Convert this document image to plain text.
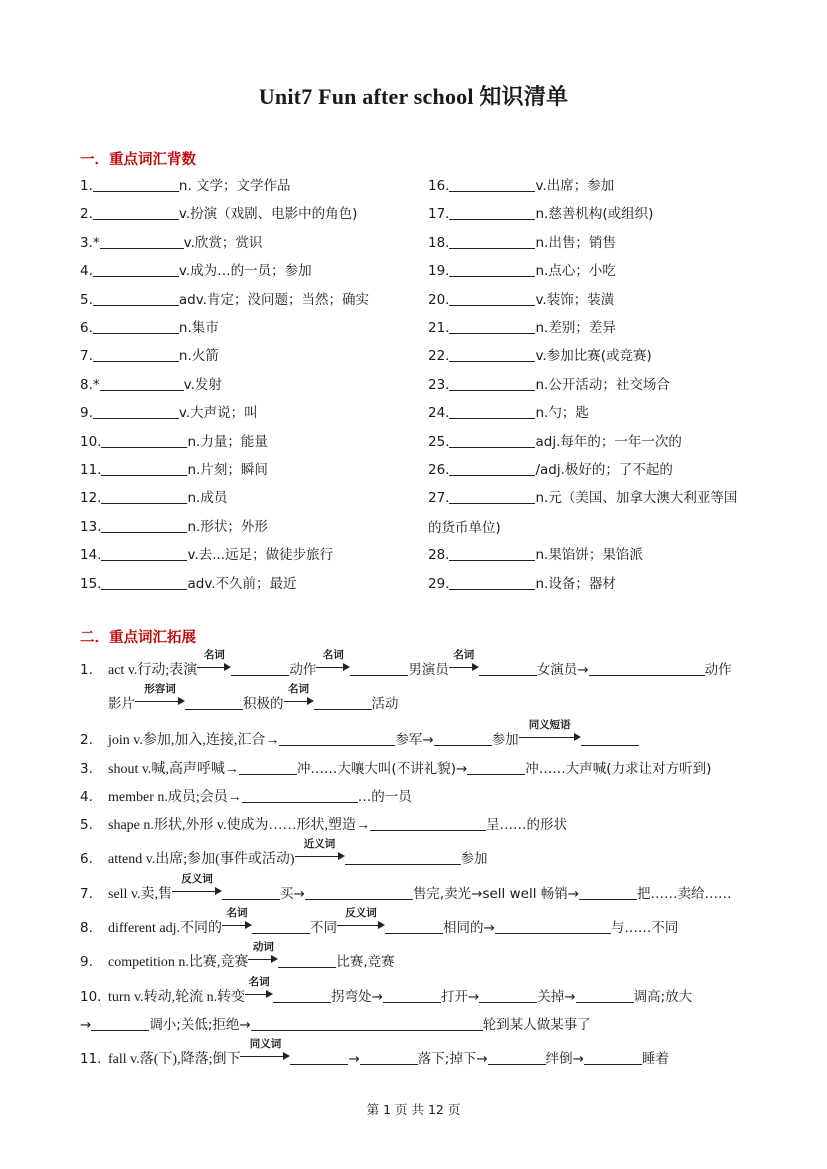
Unit7 Fun after school 知识清单
一．重点词汇背数
1.	n. 文学；文学作品
2.	v.扮演（戏剧、电影中的角色)
3.*	v.欣赏；赏识
4.	v.成为…的一员；参加
5.	adv.肯定；没问题；当然；确实
6.	n.集市
7.	n.火箭
8.*	v.发射
9.	v.大声说；叫
10.	n.力量；能量
11.	n.片刻；瞬间
12.	n.成员
13.	n.形状；外形
14.	v.去...远足；做徒步旅行
15.	adv.不久前；最近
16.	v.出席；参加
17.	n.慈善机构(或组织)
18.	n.出售；销售
19.	n.点心；小吃
20.	v.装饰；装潢
21.	n.差别；差异
22.	v.参加比赛(或竞赛)
23.	n.公开活动；社交场合
24.	n.勺；匙
25.	adj.每年的；一年一次的
26.	/adj.极好的；了不起的
27.	n.元（美国、加拿大澳大利亚等国
28.	n.果馅饼；果馅派
29.	n.设备；器材
的货币单位)
二．重点词汇拓展
1. act v.行动;表演
名词
动作
名词
男演员
名词
女演员→	动作
影片
形容词
积极的
名词
活动
2. join v.参加,加入,连接,汇合→	参军→	参加
同义短语
3. shout v.喊,高声呼喊→	冲……大嚷大叫(不讲礼貌)→	冲……大声喊(力求让对方听到)
4. member n.成员;会员→	…的一员
5. shape n.形状,外形 v.使成为……形状,塑造→	呈……的形状
6. attend v.出席;参加(事件或活动)
近义词
参加
7. sell v.卖,售
反义词
买→	售完,卖光→sell well 畅销→	把……卖给……
8. different adj.不同的
名词
不同
反义词
相同的→	与……不同
9. competition n.比赛,竞赛
动词
比赛,竞赛
10. turn v.转动,轮流 n.转变
名词
拐弯处→	打开→	关掉→	调高;放大
→	调小;关低;拒绝→	轮到某人做某事了
11. fall v.落(下),降落;倒下
同义词
→	落下;掉下→	绊倒→	睡着
第 1 页 共 12 页
